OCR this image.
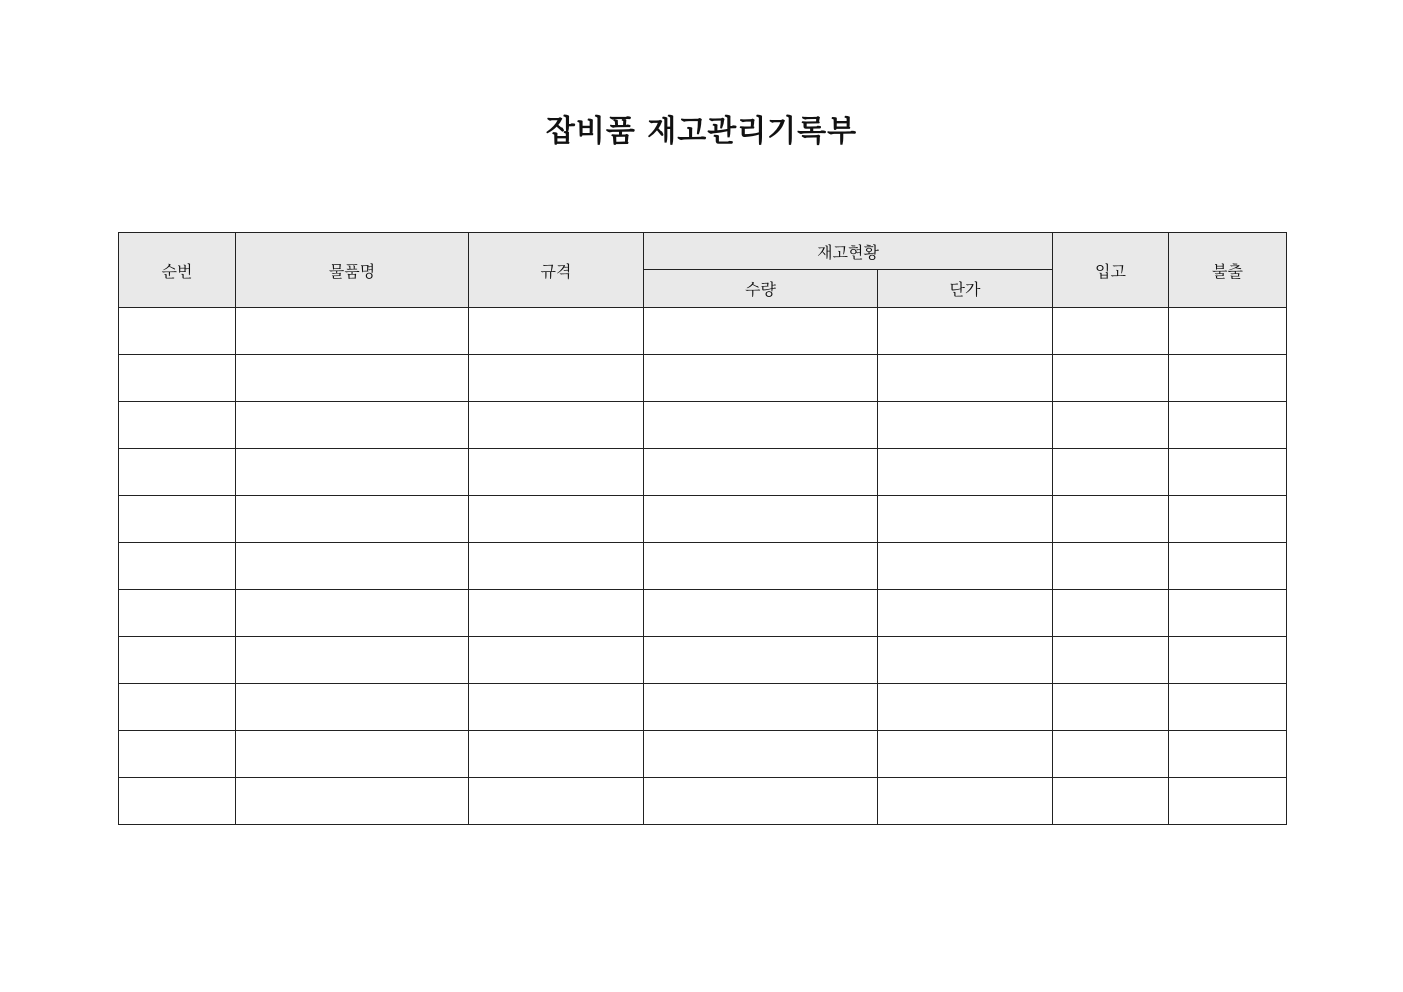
잡비품 재고관리기록부
순번	물품명	규격	재고현황		입고	불출
			수량	단가		
